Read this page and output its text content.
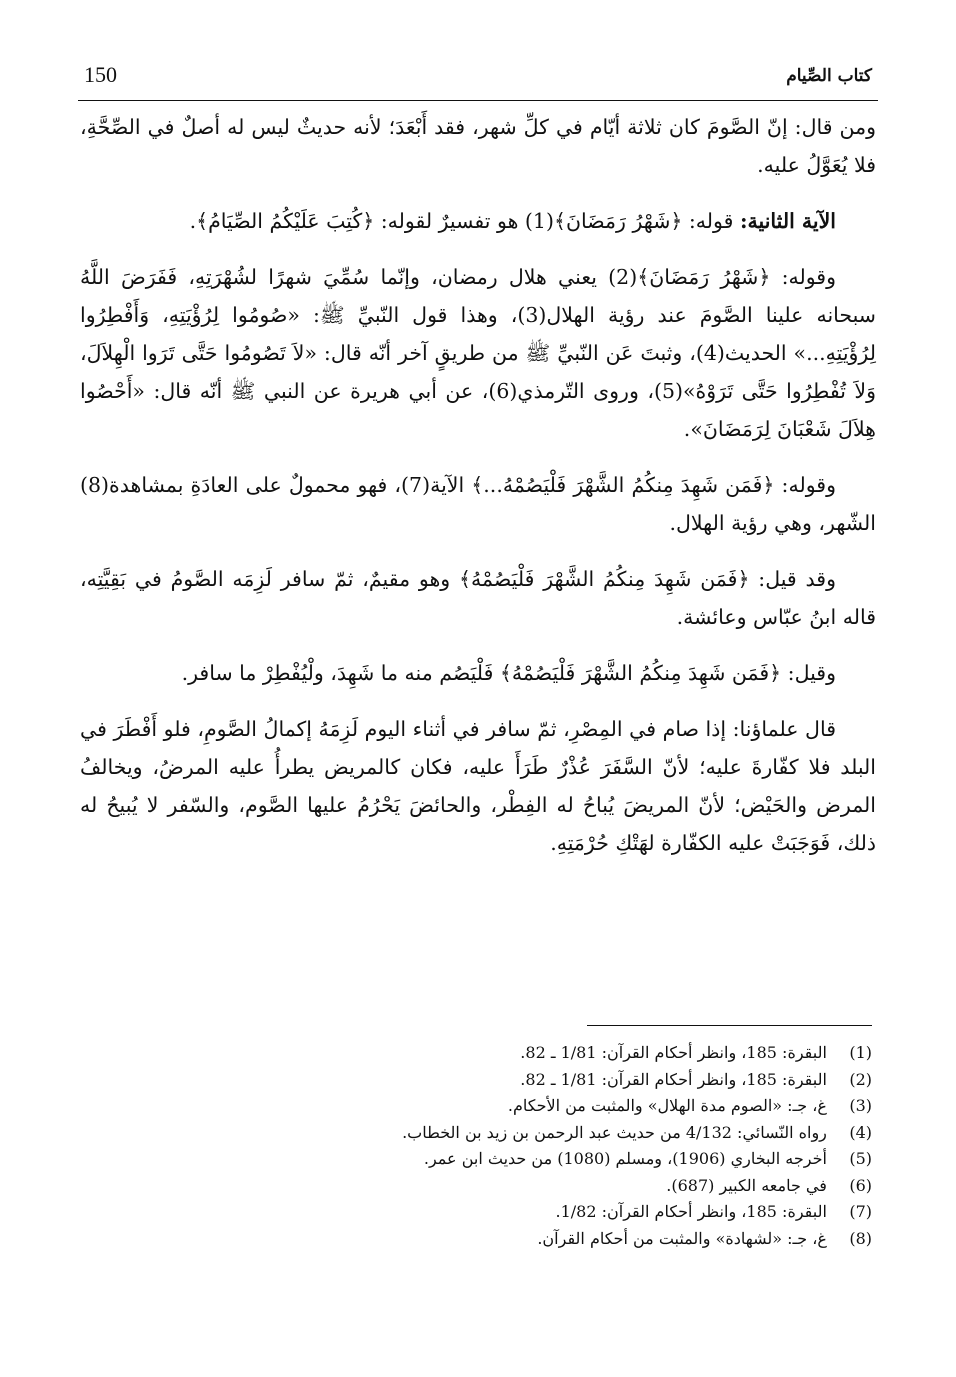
150	كتاب الصِّيام

ومن قال: إنّ الصَّومَ كان ثلاثة أيّام في كلِّ شهر، فقد أَبْعَدَ؛ لأنه حديثٌ ليس له أصلٌ في الصِّحَّةِ، فلا يُعَوَّلُ عليه.

الآية الثانية: قوله: ﴿شَهْرُ رَمَضَانَ﴾(1) هو تفسيرٌ لقوله: ﴿كُتِبَ عَلَيْكُمُ الصِّيَامُ﴾.

وقوله: ﴿شَهْرُ رَمَضَانَ﴾(2) يعني هلال رمضان، وإنّما سُمِّيَ شهرًا لشُهْرَتِهِ، فَفَرَضَ اللَّهُ سبحانه علينا الصَّومَ عند رؤية الهلال(3)، وهذا قول النّبيِّ ﷺ: «صُومُوا لِرُؤْيَتِهِ، وَأَفْطِرُوا لِرُؤْيَتِهِ...» الحديث(4)، وثبتَ عَن النّبيِّ ﷺ من طريقٍ آخر أنّه قال: «لاَ تَصُومُوا حَتَّى تَرَوا الْهِلاَلَ، وَلاَ تُفْطِرُوا حَتَّى تَرَوْهُ»(5)، وروى التّرمذي(6)، عن أبي هريرة عن النبي ﷺ أنّه قال: «أَحْصُوا هِلاَلَ شَعْبَانَ لِرَمَضَانَ».

وقوله: ﴿فَمَن شَهِدَ مِنكُمُ الشَّهْرَ فَلْيَصُمْهُ...﴾ الآية(7)، فهو محمولٌ على العادَةِ بمشاهدة(8) الشّهر، وهي رؤية الهلال.

وقد قيل: ﴿فَمَن شَهِدَ مِنكُمُ الشَّهْرَ فَلْيَصُمْهُ﴾ وهو مقيمٌ، ثمّ سافر لَزِمَه الصَّومُ في بَقِيَّتِه، قاله ابنُ عبّاس وعائشة.

وقيل: ﴿فَمَن شَهِدَ مِنكُمُ الشَّهْرَ فَلْيَصُمْهُ﴾ فَلْيَصُم منه ما شَهِدَ، ولْيُفْطِرْ ما سافر.

قال علماؤنا: إذا صام في المِصْرِ، ثمّ سافر في أثناء اليوم لَزِمَهُ إكمالُ الصَّومِ، فلو أَفْطَرَ في البلد فلا كفّارةَ عليه؛ لأنّ السَّفَرَ عُذْرٌ طَرَأَ عليه، فكان كالمريض يطرأُ عليه المرضُ، ويخالفُ المرض والحَيْض؛ لأنّ المريضَ يُباحُ له الفِطْر، والحائضَ يَحْرُمُ عليها الصَّوم، والسّفر لا يُبيحُ له ذلك، فَوَجَبَتْ عليه الكفّارة لهَتْكِ حُرْمَتِهِ.

(1) البقرة: 185، وانظر أحكام القرآن: 1/81 ـ 82.
(2) البقرة: 185، وانظر أحكام القرآن: 1/81 ـ 82.
(3) غ، جـ: «الصوم مدة الهلال» والمثبت من الأحكام.
(4) رواه النّسائي: 4/132 من حديث عبد الرحمن بن زيد بن الخطاب.
(5) أخرجه البخاري (1906)، ومسلم (1080) من حديث ابن عمر.
(6) في جامعه الكبير (687).
(7) البقرة: 185، وانظر أحكام القرآن: 1/82.
(8) غ، جـ: «لشهادة» والمثبت من أحكام القرآن.
